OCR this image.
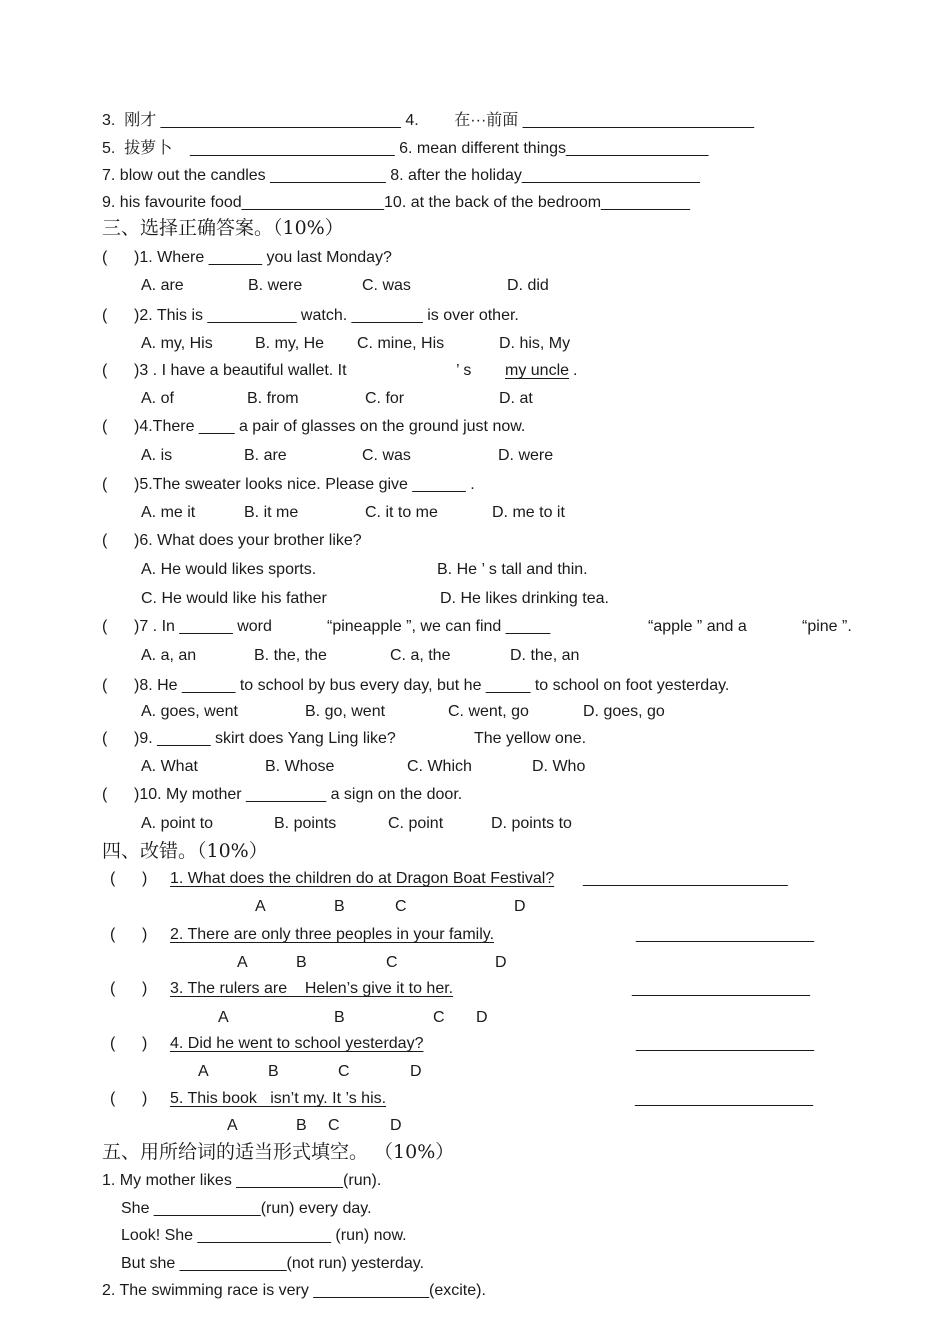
3.  刚才 ___________________________ 4.        在···前面 __________________________
5.  拔萝卜    _______________________ 6. mean different things________________
7. blow out the candles _____________ 8. after the holiday____________________
9. his favourite food________________10. at the back of the bedroom__________
三、选择正确答案。（10%）
(      )1. Where ______ you last Monday?
A. are	B. were	C. was	D. did
(      )2. This is __________ watch. ________ is over other.
A. my, His	B. my, He C. mine, His	D. his, My
(      )3 . I have a beautiful wallet. It	’ s my uncle .
A. of	B. from	C. for	D. at
(      )4.There ____ a pair of glasses on the ground just now.
A. is	B. are	C. was	D. were
(      )5.The sweater looks nice. Please give ______ .
A. me it	B. it me	C. it to me	D. me to it
(      )6. What does your brother like?
A. He would likes sports.	B. He ’ s tall and thin.
C. He would like his father	D. He likes drinking tea.
(      )7 . In ______ word	“pineapple ”, we can find _____	“apple ” and a	“pine ”.
A. a, an	B. the, the	C. a, the	D. the, an
(      )8. He ______ to school by bus every day, but he _____ to school on foot yesterday.
A. goes, went	B. go, went	C. went, go	D. goes, go
(      )9. ______ skirt does Yang Ling like?	The yellow one.
A. What	B. Whose	C. Which	D. Who
(      )10. My mother _________ a sign on the door.
A. point to	B. points	C. point	D. points to
四、改错。（10%）
(      ) 1. What does the children do at Dragon Boat Festival? _______________________
A	B	C	D
(      ) 2. There are only three peoples in your family.	____________________
A	B	C	D
(      ) 3. The rulers are    Helen’s give it to her.	____________________
A	B	C D
(      ) 4. Did he went to school yesterday?	____________________
A	B	C	D
(      ) 5. This book   isn’t my. It ’s his.	____________________
A	B C	D
五、用所给词的适当形式填空。 （10%）
1. My mother likes ____________(run).
She ____________(run) every day.
Look! She _______________ (run) now.
But she ____________(not run) yesterday.
2. The swimming race is very _____________(excite).
